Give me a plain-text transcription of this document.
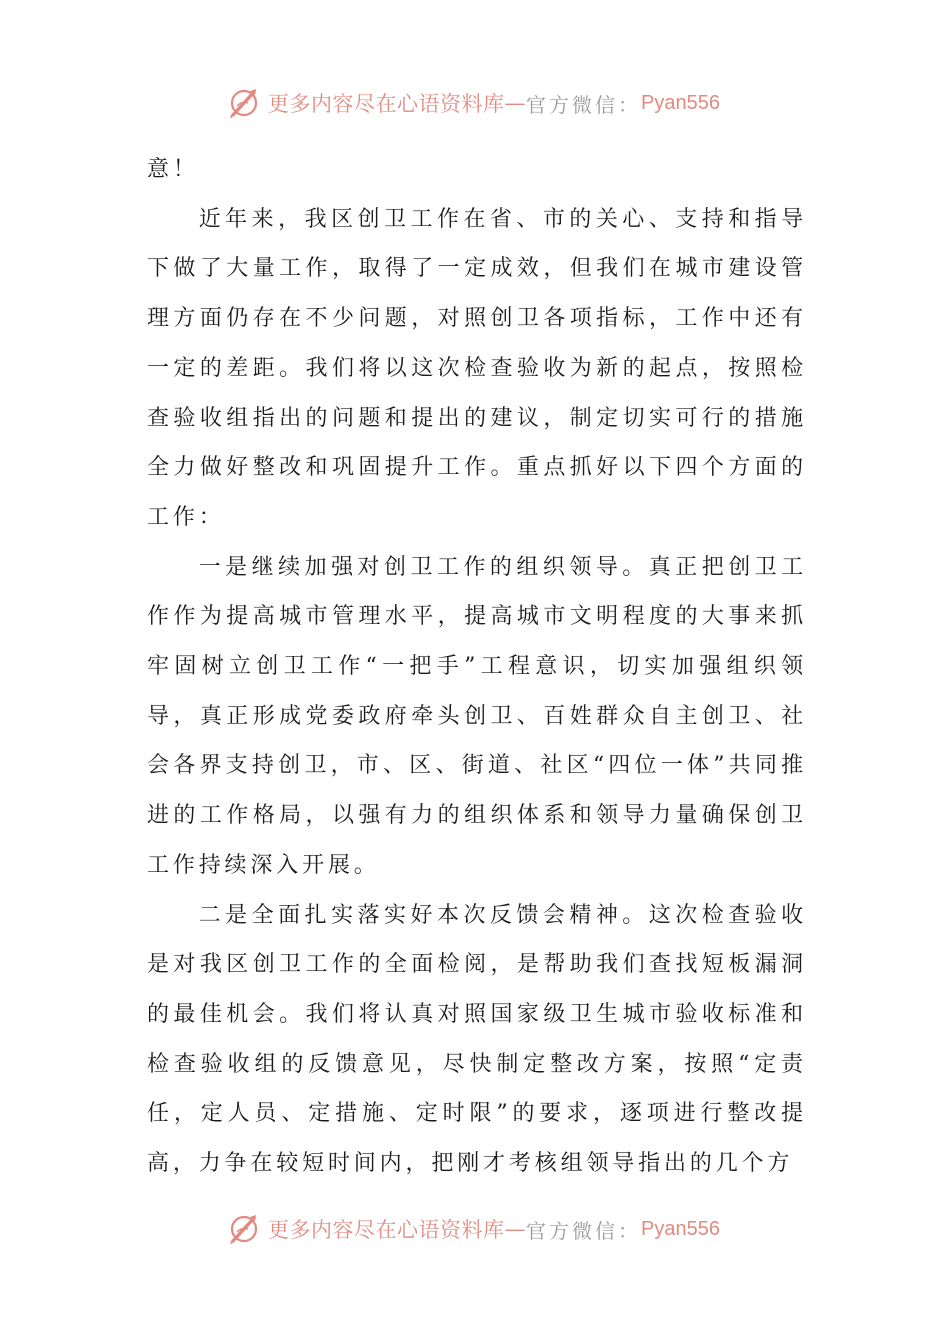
更多内容尽在心语资料库 — 官方微信： Pyan556

意！

近年来，我区创卫工作在省、市的关心、支持和指导下做了大量工作，取得了一定成效，但我们在城市建设管理方面仍存在不少问题，对照创卫各项指标，工作中还有一定的差距。我们将以这次检查验收为新的起点，按照检查验收组指出的问题和提出的建议，制定切实可行的措施全力做好整改和巩固提升工作。重点抓好以下四个方面的工作：

一是继续加强对创卫工作的组织领导。真正把创卫工作作为提高城市管理水平，提高城市文明程度的大事来抓牢固树立创卫工作“一把手”工程意识，切实加强组织领导，真正形成党委政府牵头创卫、百姓群众自主创卫、社会各界支持创卫，市、区、街道、社区“四位一体”共同推进的工作格局，以强有力的组织体系和领导力量确保创卫工作持续深入开展。

二是全面扎实落实好本次反馈会精神。这次检查验收是对我区创卫工作的全面检阅，是帮助我们查找短板漏洞的最佳机会。我们将认真对照国家级卫生城市验收标准和检查验收组的反馈意见，尽快制定整改方案，按照“定责任，定人员、定措施、定时限”的要求，逐项进行整改提高，力争在较短时间内，把刚才考核组领导指出的几个方

更多内容尽在心语资料库 — 官方微信： Pyan556
